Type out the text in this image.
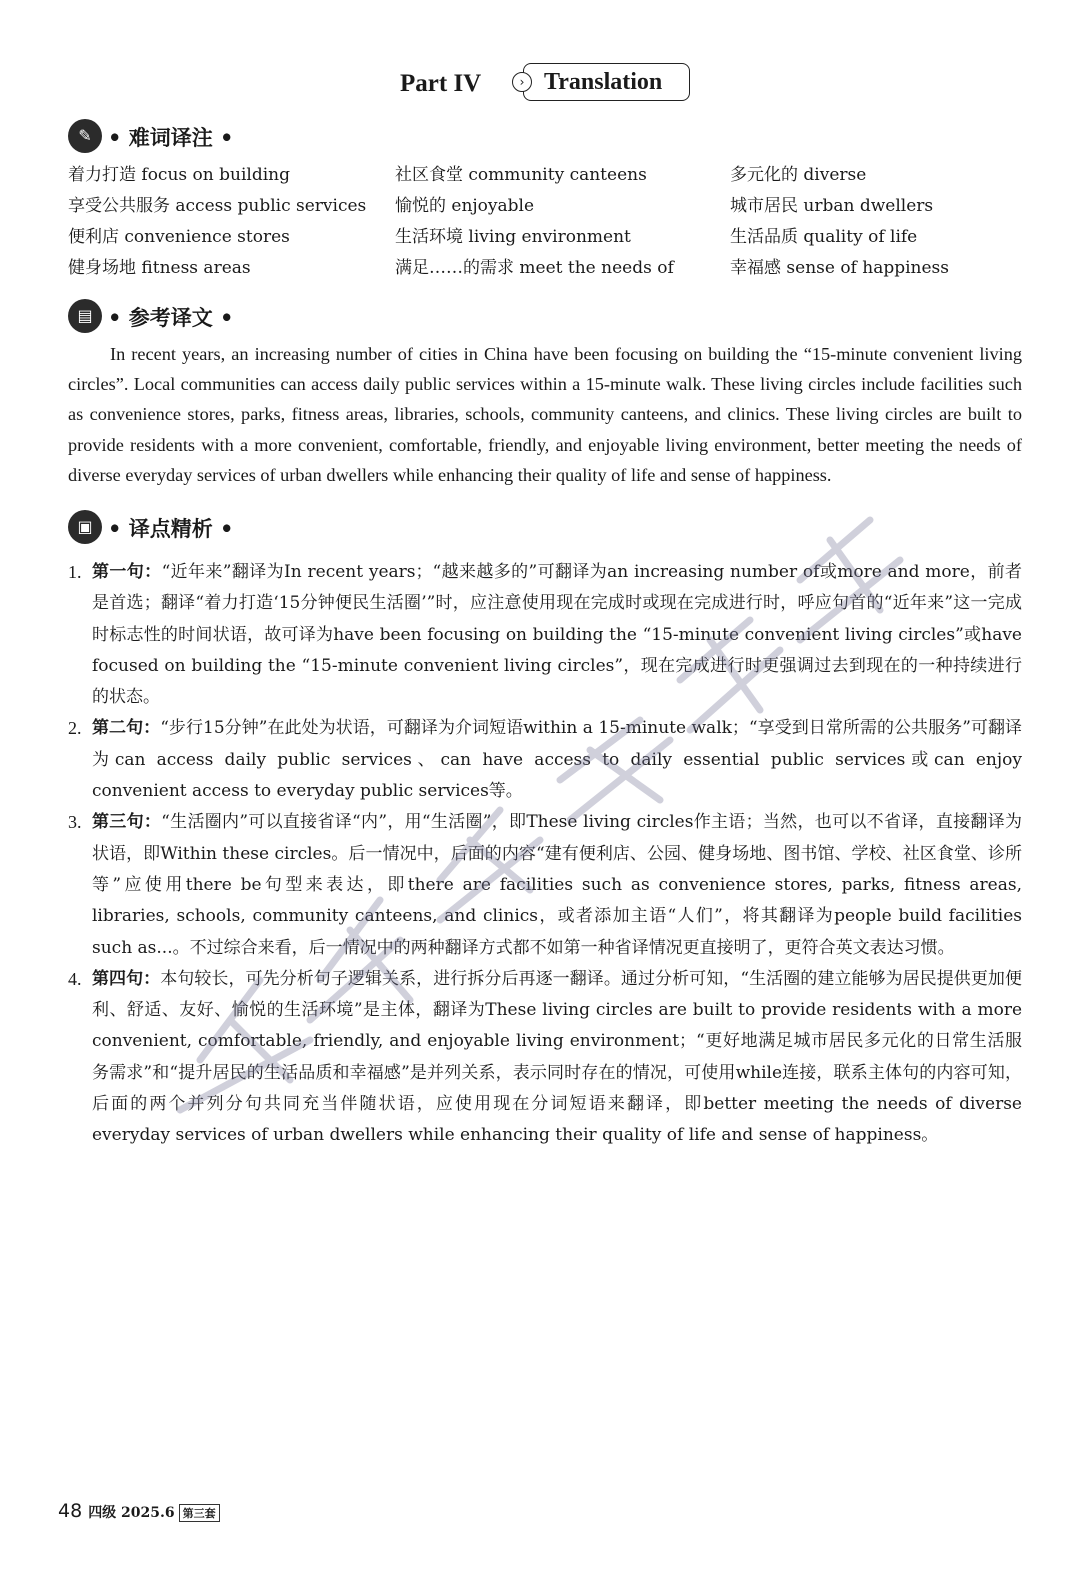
Part IV	› Translation
✎ • 难词译注 •
着力打造 focus on building
享受公共服务 access public services
便利店 convenience stores
健身场地 fitness areas
社区食堂 community canteens
愉悦的 enjoyable
生活环境 living environment
满足……的需求 meet the needs of
多元化的 diverse
城市居民 urban dwellers
生活品质 quality of life
幸福感 sense of happiness
▤ • 参考译文 •
In recent years, an increasing number of cities in China have been focusing on building the “15-minute convenient living circles”. Local communities can access daily public services within a 15-minute walk. These living circles include facilities such as convenience stores, parks, fitness areas, libraries, schools, community canteens, and clinics. These living circles are built to provide residents with a more convenient, comfortable, friendly, and enjoyable living environment, better meeting the needs of diverse everyday services of urban dwellers while enhancing their quality of life and sense of happiness.
▣ • 译点精析 •
1. 第一句：“近年来”翻译为In recent years；“越来越多的”可翻译为an increasing number of或more and more，前者是首选；翻译“着力打造‘15分钟便民生活圈’”时，应注意使用现在完成时或现在完成进行时，呼应句首的“近年来”这一完成时标志性的时间状语，故可译为have been focusing on building the “15-minute convenient living circles”或have focused on building the “15-minute convenient living circles”，现在完成进行时更强调过去到现在的一种持续进行的状态。
2. 第二句：“步行15分钟”在此处为状语，可翻译为介词短语within a 15-minute walk；“享受到日常所需的公共服务”可翻译为can access daily public services、can have access to daily essential public services或can enjoy convenient access to everyday public services等。
3. 第三句：“生活圈内”可以直接省译“内”，用“生活圈”，即These living circles作主语；当然，也可以不省译，直接翻译为状语，即Within these circles。后一情况中，后面的内容“建有便利店、公园、健身场地、图书馆、学校、社区食堂、诊所等”应使用there be句型来表达，即there are facilities such as convenience stores, parks, fitness areas, libraries, schools, community canteens, and clinics，或者添加主语“人们”，将其翻译为people build facilities such as...。不过综合来看，后一情况中的两种翻译方式都不如第一种省译情况更直接明了，更符合英文表达习惯。
4. 第四句：本句较长，可先分析句子逻辑关系，进行拆分后再逐一翻译。通过分析可知，“生活圈的建立能够为居民提供更加便利、舒适、友好、愉悦的生活环境”是主体，翻译为These living circles are built to provide residents with a more convenient, comfortable, friendly, and enjoyable living environment；“更好地满足城市居民多元化的日常生活服务需求”和“提升居民的生活品质和幸福感”是并列关系，表示同时存在的情况，可使用while连接，联系主体句的内容可知，后面的两个并列分句共同充当伴随状语，应使用现在分词短语来翻译，即better meeting the needs of diverse everyday services of urban dwellers while enhancing their quality of life and sense of happiness。
48 四级 2025.6 第三套
